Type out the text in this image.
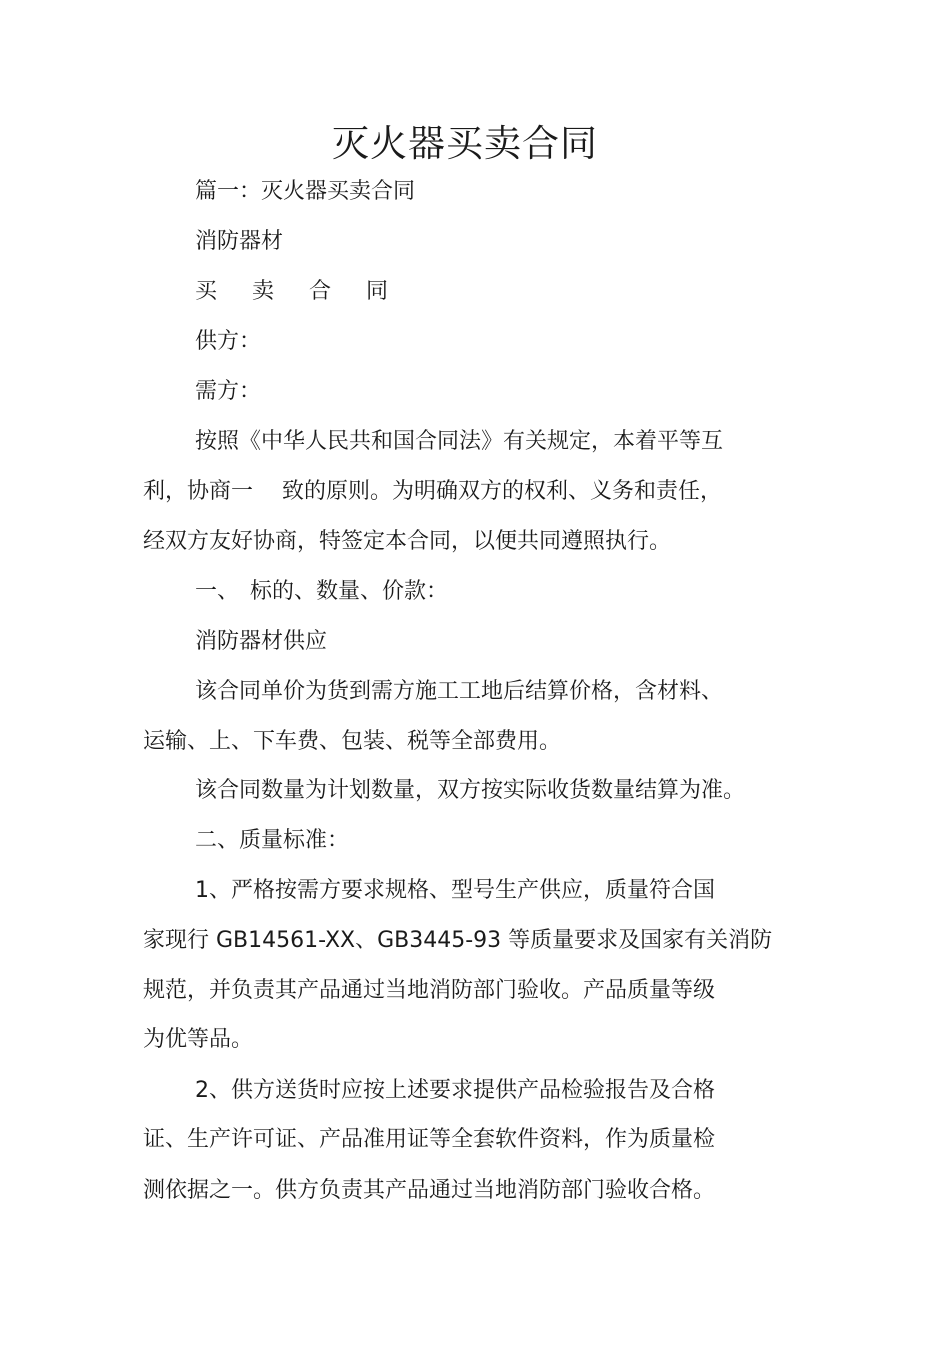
灭火器买卖合同

篇一：灭火器买卖合同

消防器材

买 卖 合 同

供方：

需方：

按照《中华人民共和国合同法》有关规定，本着平等互

利，协商一　 致的原则。为明确双方的权利、义务和责任，

经双方友好协商，特签定本合同，以便共同遵照执行。

一、　标的、数量、价款：

消防器材供应

该合同单价为货到需方施工工地后结算价格，含材料、

运输、上、下车费、包装、税等全部费用。

该合同数量为计划数量，双方按实际收货数量结算为准。

二、质量标准：

1、严格按需方要求规格、型号生产供应，质量符合国

家现行 GB14561-XX、GB3445-93 等质量要求及国家有关消防

规范，并负责其产品通过当地消防部门验收。产品质量等级

为优等品。

2、供方送货时应按上述要求提供产品检验报告及合格

证、生产许可证、产品准用证等全套软件资料，作为质量检

测依据之一。供方负责其产品通过当地消防部门验收合格。
